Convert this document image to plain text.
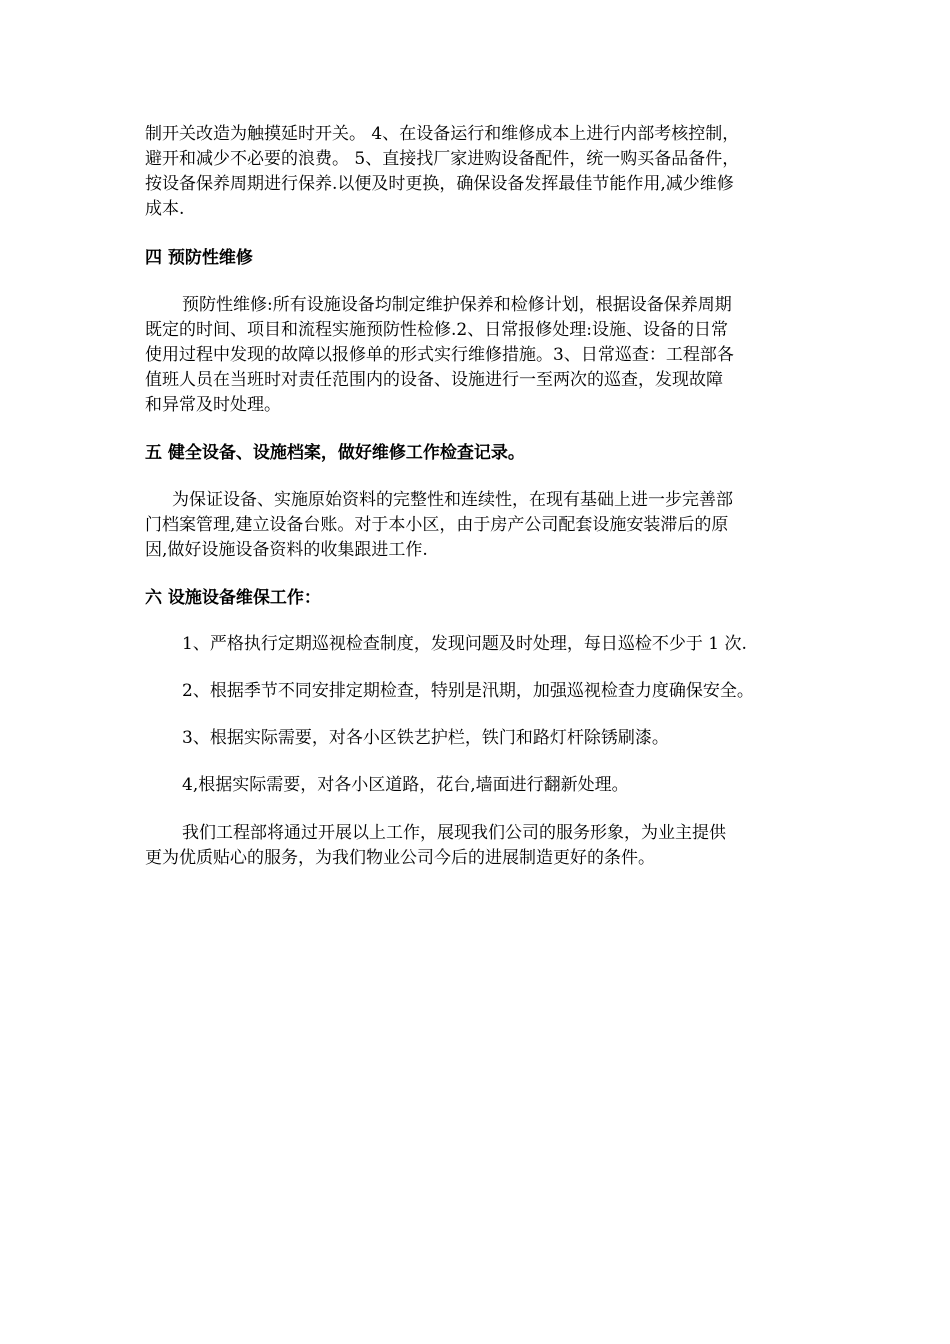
制开关改造为触摸延时开关。 4、在设备运行和维修成本上进行内部考核控制，
避开和减少不必要的浪费。 5、直接找厂家进购设备配件，统一购买备品备件，
按设备保养周期进行保养.以便及时更换，确保设备发挥最佳节能作用,减少维修
成本.
四 预防性维修
预防性维修:所有设施设备均制定维护保养和检修计划，根据设备保养周期
既定的时间、项目和流程实施预防性检修.2、日常报修处理:设施、设备的日常
使用过程中发现的故障以报修单的形式实行维修措施。3、日常巡查：工程部各
值班人员在当班时对责任范围内的设备、设施进行一至两次的巡查，发现故障
和异常及时处理。
五 健全设备、设施档案，做好维修工作检查记录。
为保证设备、实施原始资料的完整性和连续性，在现有基础上进一步完善部
门档案管理,建立设备台账。对于本小区，由于房产公司配套设施安装滞后的原
因,做好设施设备资料的收集跟进工作.
六 设施设备维保工作：
1、严格执行定期巡视检查制度，发现问题及时处理，每日巡检不少于 1 次.
2、根据季节不同安排定期检查，特别是汛期，加强巡视检查力度确保安全。
3、根据实际需要，对各小区铁艺护栏，铁门和路灯杆除锈刷漆。
4,根据实际需要，对各小区道路，花台,墙面进行翻新处理。
我们工程部将通过开展以上工作，展现我们公司的服务形象，为业主提供
更为优质贴心的服务，为我们物业公司今后的进展制造更好的条件。
